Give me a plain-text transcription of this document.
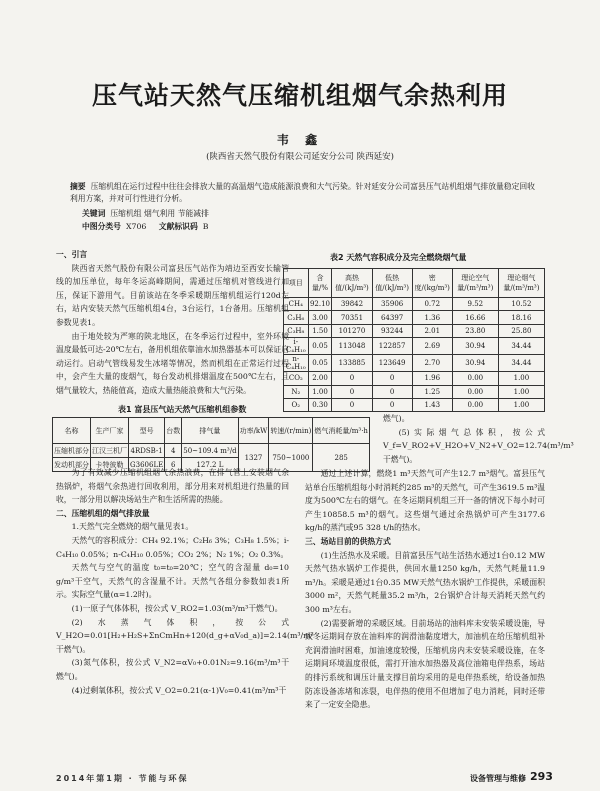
压气站天然气压缩机组烟气余热利用
韦 鑫
(陕西省天然气股份有限公司延安分公司 陕西延安)
摘要 压缩机组在运行过程中往往会排放大量的高温烟气造成能源浪费和大气污染。针对延安分公司富县压气站机组烟气排放量稳定回收利用方案，并对可行性进行分析。
关键词 压缩机组 烟气利用 节能减排
中图分类号 X706 文献标识码 B
一、引言
陕西省天然气股份有限公司富县压气站作为靖边至西安长输管线的加压单位，每年冬运高峰期间，需通过压缩机对管线进行加压，保证下游用气。目前该站在冬季采暖期压缩机组运行120d左右，站内安装天然气压缩机组4台，3台运行，1台备用。压缩机组参数见表1。
由于地处较为严寒的陕北地区，在冬季运行过程中，室外环境温度最低可达-20℃左右，备用机组依靠油水加热器基本可以保证启动运行。启动气管线易发生冰堵等情况，然而机组在正常运行过程中，会产生大量的废烟气，每台发动机排烟温度在500℃左右，且烟气量较大，热能值高，造成大量热能浪费和大气污染。
表2 天然气容积成分及完全燃烧烟气量
项目	含量/%	高热值/(kJ/m³)	低热值/(kJ/m³)	密度/(kg/m³)	理论空气量/(m³/m³)	理论烟气量/(m³/m³)
CH₄	92.10	39842	35906	0.72	9.52	10.52
C₂H₆	3.00	70351	64397	1.36	16.66	18.16
C₃H₈	1.50	101270	93244	2.01	23.80	25.80
i-C₄H₁₀	0.05	113048	122857	2.69	30.94	34.44
n-C₄H₁₀	0.05	133885	123649	2.70	30.94	34.44
CO₂	2.00	0	0	1.96	0.00	1.00
N₂	1.00	0	0	1.25	0.00	1.00
O₂	0.30	0	0	1.43	0.00	1.00
表1 富县压气站天然气压缩机组参数
名称	生产厂家	型号	台数	排气量	功率/kW	转速/(r/min)	燃气消耗量/m³·h
压缩机部分	江汉三机厂	4RDSB-1	4	50~109.4 m³/d	1327	750~1000	285
发动机部分	卡特彼勒	G3606LE	6	127.2 L			
为了有效减少压缩机组烟气余热浪费，在排气管上安装烟气余热锅炉，将烟气余热进行回收利用，部分用来对机组进行热量的回收，一部分用以解决场站生产和生活所需的热能。
二、压缩机组的烟气排放量
1.天然气完全燃烧的烟气量见表1。
天然气的容积成分：CH₄ 92.1%；C₂H₆ 3%；C₃H₈ 1.5%；i-C₄H₁₀ 0.05%；n-C₄H₁₀ 0.05%；CO₂ 2%；N₂ 1%；O₂ 0.3%。
天然气与空气的温度 t₀=t₀=20℃；空气的含湿量 d₀=10 g/m³干空气，天然气的含湿量不计。天然气各组分参数如表1所示。实际空气量(α=1.2时)。
(1)一原子气体体积，按公式 V_RO2=1.03(m³/m³干燃气)。
(2)水蒸气体积，按公式 V_H2O=0.01[H₂+H₂S+ΣnCmHn+120(d_g+αV₀d_a)]=2.14(m³/m³干燃气)。
(3)氮气体积，按公式 V_N2=αV₀+0.01N₂=9.16(m³/m³干燃气)。
(4)过剩氧体积，按公式 V_O2=0.21(α-1)V₀=0.41(m³/m³干
燃气)。
(5)实际烟气总体积，按公式 V_f=V_RO2+V_H2O+V_N2+V_O2=12.74(m³/m³干燃气)。
通过上述计算，燃烧1 m³天然气可产生12.7 m³烟气。富县压气站单台压缩机组每小时消耗约285 m³的天然气，可产生3619.5 m³温度为500℃左右的烟气。在冬运期间机组三开一备的情况下每小时可产生10858.5 m³的烟气。这些烟气通过余热锅炉可产生3177.6 kg/h的蒸汽或95 328 t/h的热水。
三、场站目前的供热方式
(1)生活热水及采暖。目前富县压气站生活热水通过1台0.12 MW天然气热水锅炉工作提供，供回水量1250 kg/h，天然气耗量11.9 m³/h。采暖是通过1台0.35 MW天然气热水锅炉工作提供，采暖面积3000 m²，天然气耗量35.2 m³/h，2台锅炉合计每天消耗天然气约300 m³左右。
(2)需要新增的采暖区域。目前场站的油料库未安装采暖设施，导致冬运期间存放在油料库的润滑油黏度增大，加油机在给压缩机组补充润滑油时困难，加油速度较慢，压缩机房内未安装采暖设施，在冬运期间环境温度很低，需打开油水加热器及高位油箱电伴热系，场站的排污系统和调压计量支撑目前均采用的是电伴热系统，给设备加热防冻设备冻堵和冻裂，电伴热的使用不但增加了电力消耗，同时还带来了一定安全隐患。
2014年第1期 · 节能与环保	设备管理与维修 293
